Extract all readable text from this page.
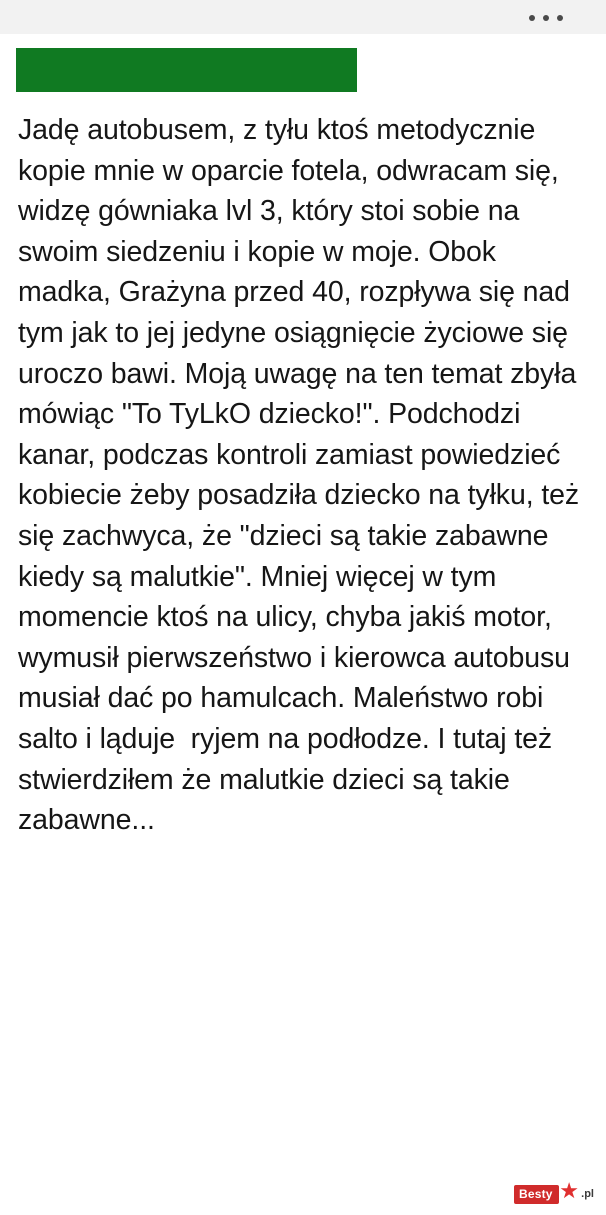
Jadę autobusem, z tyłu ktoś metodycznie kopie mnie w oparcie fotela, odwracam się, widzę gówniaka lvl 3, który stoi sobie na swoim siedzeniu i kopie w moje. Obok madka, Grażyna przed 40, rozpływa się nad tym jak to jej jedyne osiągnięcie życiowe się uroczo bawi. Moją uwagę na ten temat zbyła mówiąc "To TyLkO dziecko!". Podchodzi kanar, podczas kontroli zamiast powiedzieć kobiecie żeby posadziła dziecko na tyłku, też się zachwyca, że "dzieci są takie zabawne kiedy są malutkie". Mniej więcej w tym momencie ktoś na ulicy, chyba jakiś motor, wymusił pierwszeństwo i kierowca autobusu musiał dać po hamulcach. Maleństwo robi salto i ląduje  ryjem na podłodze. I tutaj też stwierdziłem że malutkie dzieci są takie zabawne...
Besty ★ .pl
